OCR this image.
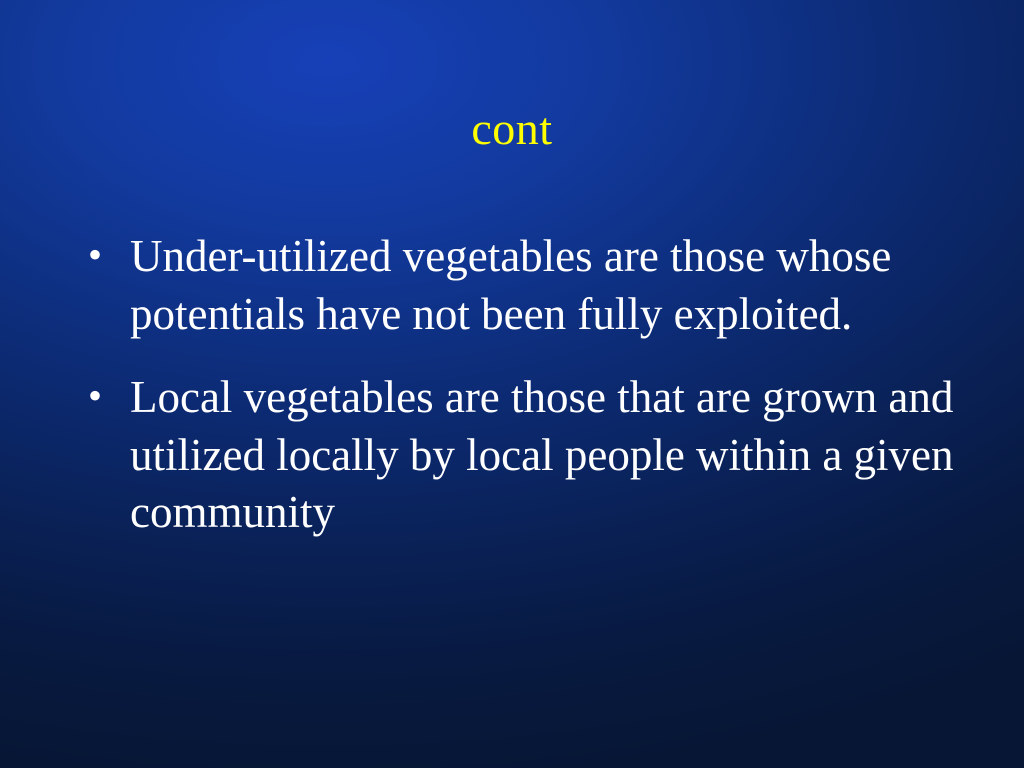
cont
• Under-utilized vegetables are those whose potentials have not been fully exploited.
• Local vegetables are those that are grown and utilized locally by local people within a given community
